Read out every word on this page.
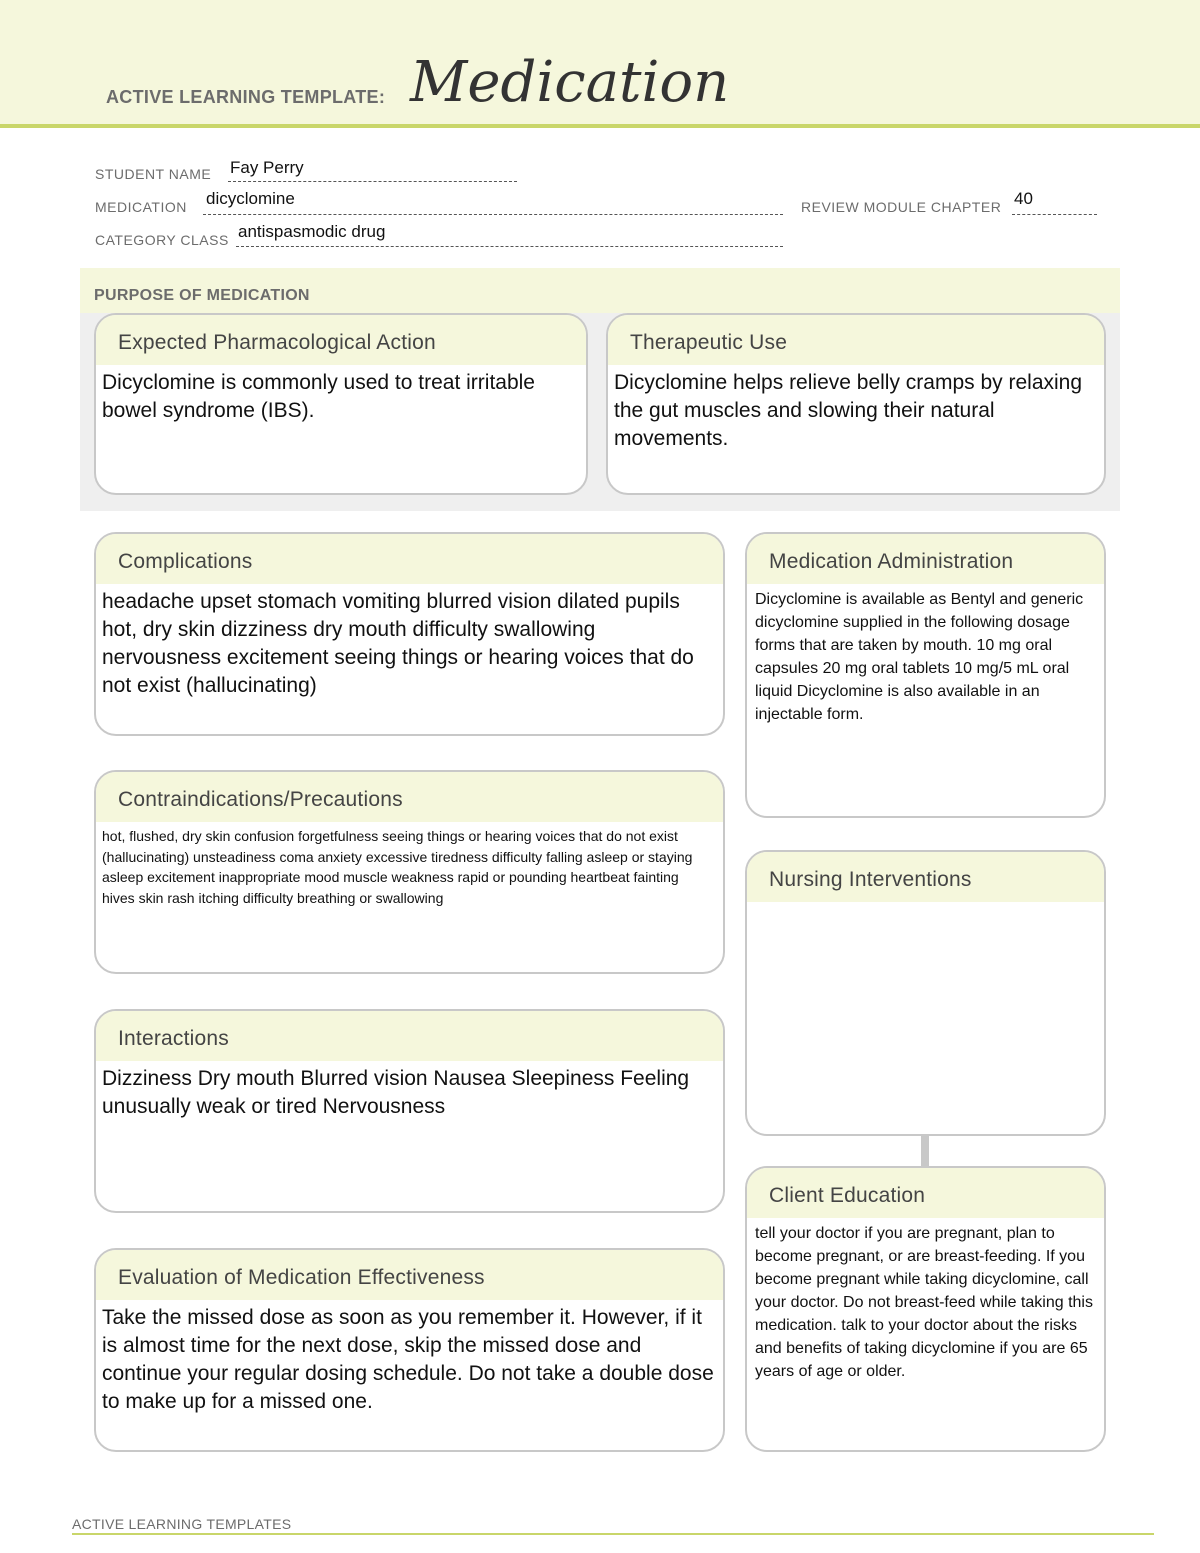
ACTIVE LEARNING TEMPLATE: Medication
STUDENT NAME Fay Perry
MEDICATION dicyclomine	REVIEW MODULE CHAPTER 40
CATEGORY CLASS antispasmodic drug
PURPOSE OF MEDICATION
Expected Pharmacological Action
Dicyclomine is commonly used to treat irritable bowel syndrome (IBS).
Therapeutic Use
Dicyclomine helps relieve belly cramps by relaxing the gut muscles and slowing their natural movements.
Complications
headache upset stomach vomiting blurred vision dilated pupils hot, dry skin dizziness dry mouth difficulty swallowing nervousness excitement seeing things or hearing voices that do not exist (hallucinating)
Contraindications/Precautions
hot, flushed, dry skin confusion forgetfulness seeing things or hearing voices that do not exist (hallucinating) unsteadiness coma anxiety excessive tiredness difficulty falling asleep or staying asleep excitement inappropriate mood muscle weakness rapid or pounding heartbeat fainting hives skin rash itching difficulty breathing or swallowing
Interactions
Dizziness Dry mouth Blurred vision Nausea Sleepiness Feeling unusually weak or tired Nervousness
Evaluation of Medication Effectiveness
Take the missed dose as soon as you remember it. However, if it is almost time for the next dose, skip the missed dose and continue your regular dosing schedule. Do not take a double dose to make up for a missed one.
Medication Administration
Dicyclomine is available as Bentyl and generic dicyclomine supplied in the following dosage forms that are taken by mouth. 10 mg oral capsules 20 mg oral tablets 10 mg/5 mL oral liquid Dicyclomine is also available in an injectable form.
Nursing Interventions
Client Education
tell your doctor if you are pregnant, plan to become pregnant, or are breast-feeding. If you become pregnant while taking dicyclomine, call your doctor. Do not breast-feed while taking this medication. talk to your doctor about the risks and benefits of taking dicyclomine if you are 65 years of age or older.
ACTIVE LEARNING TEMPLATES
